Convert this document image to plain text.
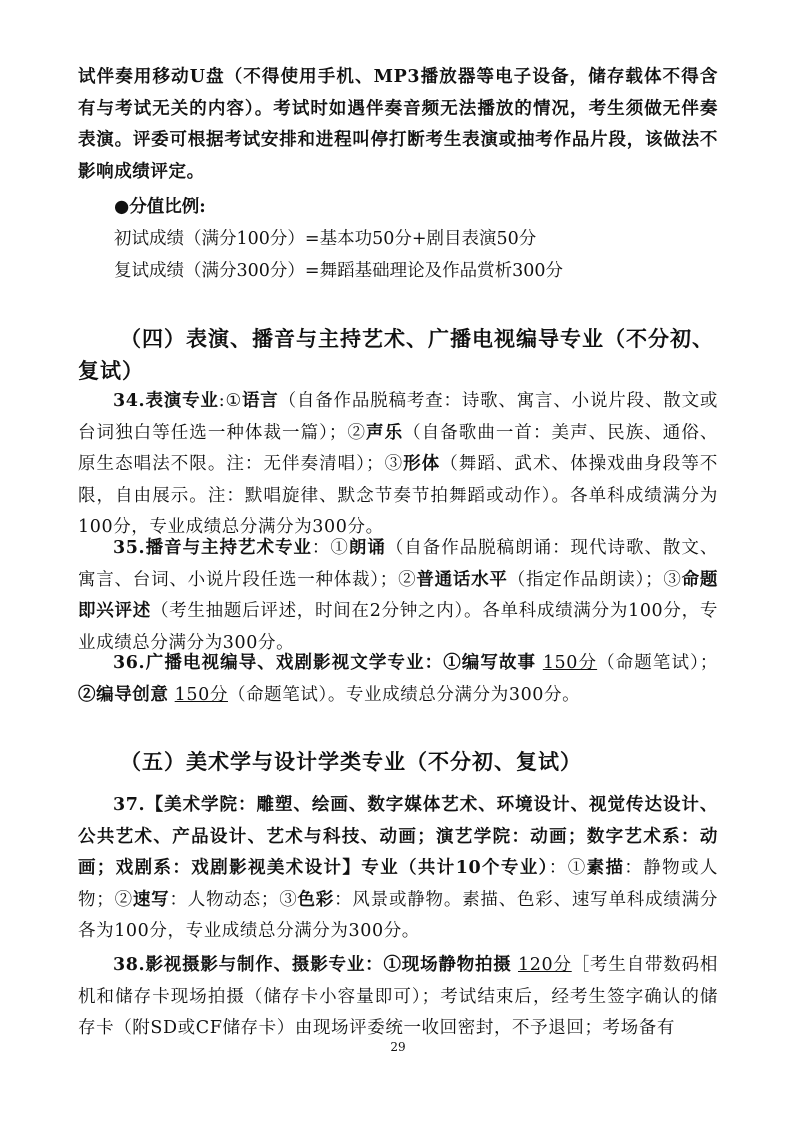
试伴奏用移动U盘（不得使用手机、MP3播放器等电子设备，储存载体不得含有与考试无关的内容）。考试时如遇伴奏音频无法播放的情况，考生须做无伴奏表演。评委可根据考试安排和进程叫停打断考生表演或抽考作品片段，该做法不影响成绩评定。

●分值比例:

初试成绩（满分100分）=基本功50分+剧目表演50分

复试成绩（满分300分）=舞蹈基础理论及作品赏析300分

（四）表演、播音与主持艺术、广播电视编导专业（不分初、复试）

34.表演专业:①语言（自备作品脱稿考查：诗歌、寓言、小说片段、散文或台词独白等任选一种体裁一篇）；②声乐（自备歌曲一首：美声、民族、通俗、原生态唱法不限。注：无伴奏清唱）；③形体（舞蹈、武术、体操戏曲身段等不限，自由展示。注：默唱旋律、默念节奏节拍舞蹈或动作）。各单科成绩满分为100分，专业成绩总分满分为300分。

35.播音与主持艺术专业：①朗诵（自备作品脱稿朗诵：现代诗歌、散文、寓言、台词、小说片段任选一种体裁）；②普通话水平（指定作品朗读）；③命题即兴评述（考生抽题后评述，时间在2分钟之内）。各单科成绩满分为100分，专业成绩总分满分为300分。

36.广播电视编导、戏剧影视文学专业：①编写故事 150分（命题笔试）；②编导创意 150分（命题笔试）。专业成绩总分满分为300分。

（五）美术学与设计学类专业（不分初、复试）

37.【美术学院：雕塑、绘画、数字媒体艺术、环境设计、视觉传达设计、公共艺术、产品设计、艺术与科技、动画；演艺学院：动画；数字艺术系：动画；戏剧系：戏剧影视美术设计】专业（共计10个专业）：①素描：静物或人物；②速写：人物动态；③色彩：风景或静物。素描、色彩、速写单科成绩满分各为100分，专业成绩总分满分为300分。

38.影视摄影与制作、摄影专业：①现场静物拍摄 120分［考生自带数码相机和储存卡现场拍摄（储存卡小容量即可）；考试结束后，经考生签字确认的储存卡（附SD或CF储存卡）由现场评委统一收回密封，不予退回；考场备有

29
